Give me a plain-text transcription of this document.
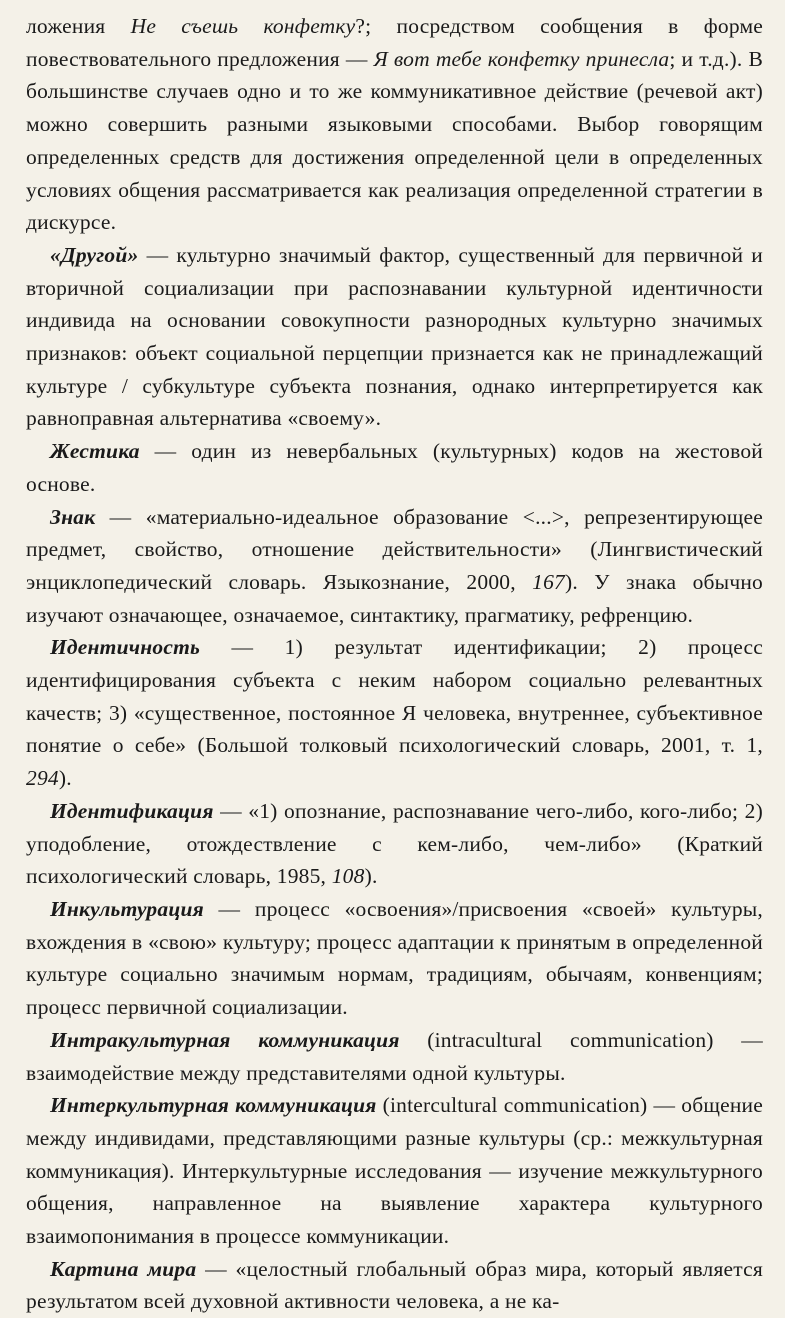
ложения Не съешь конфетку?; посредством сообщения в форме повествовательного предложения — Я вот тебе конфетку принесла; и т.д.). В большинстве случаев одно и то же коммуникативное действие (речевой акт) можно совершить разными языковыми способами. Выбор говорящим определенных средств для достижения определенной цели в определенных условиях общения рассматривается как реализация определенной стратегии в дискурсе.

«Другой» — культурно значимый фактор, существенный для первичной и вторичной социализации при распознавании культурной идентичности индивида на основании совокупности разнородных культурно значимых признаков: объект социальной перцепции признается как не принадлежащий культуре / субкультуре субъекта познания, однако интерпретируется как равноправная альтернатива «своему».

Жестика — один из невербальных (культурных) кодов на жестовой основе.

Знак — «материально-идеальное образование <...>, репрезентирующее предмет, свойство, отношение действительности» (Лингвистический энциклопедический словарь. Языкознание, 2000, 167). У знака обычно изучают означающее, означаемое, синтактику, прагматику, рефренцию.

Идентичность — 1) результат идентификации; 2) процесс идентифицирования субъекта с неким набором социально релевантных качеств; 3) «существенное, постоянное Я человека, внутреннее, субъективное понятие о себе» (Большой толковый психологический словарь, 2001, т. 1, 294).

Идентификация — «1) опознание, распознавание чего-либо, кого-либо; 2) уподобление, отождествление с кем-либо, чем-либо» (Краткий психологический словарь, 1985, 108).

Инкультурация — процесс «освоения»/присвоения «своей» культуры, вхождения в «свою» культуру; процесс адаптации к принятым в определенной культуре социально значимым нормам, традициям, обычаям, конвенциям; процесс первичной социализации.

Интракультурная коммуникация (intracultural communication) — взаимодействие между представителями одной культуры.

Интеркультурная коммуникация (intercultural communication) — общение между индивидами, представляющими разные культуры (ср.: межкультурная коммуникация). Интеркультурные исследования — изучение межкультурного общения, направленное на выявление характера культурного взаимопонимания в процессе коммуникации.

Картина мира — «целостный глобальный образ мира, который является результатом всей духовной активности человека, а не ка-
